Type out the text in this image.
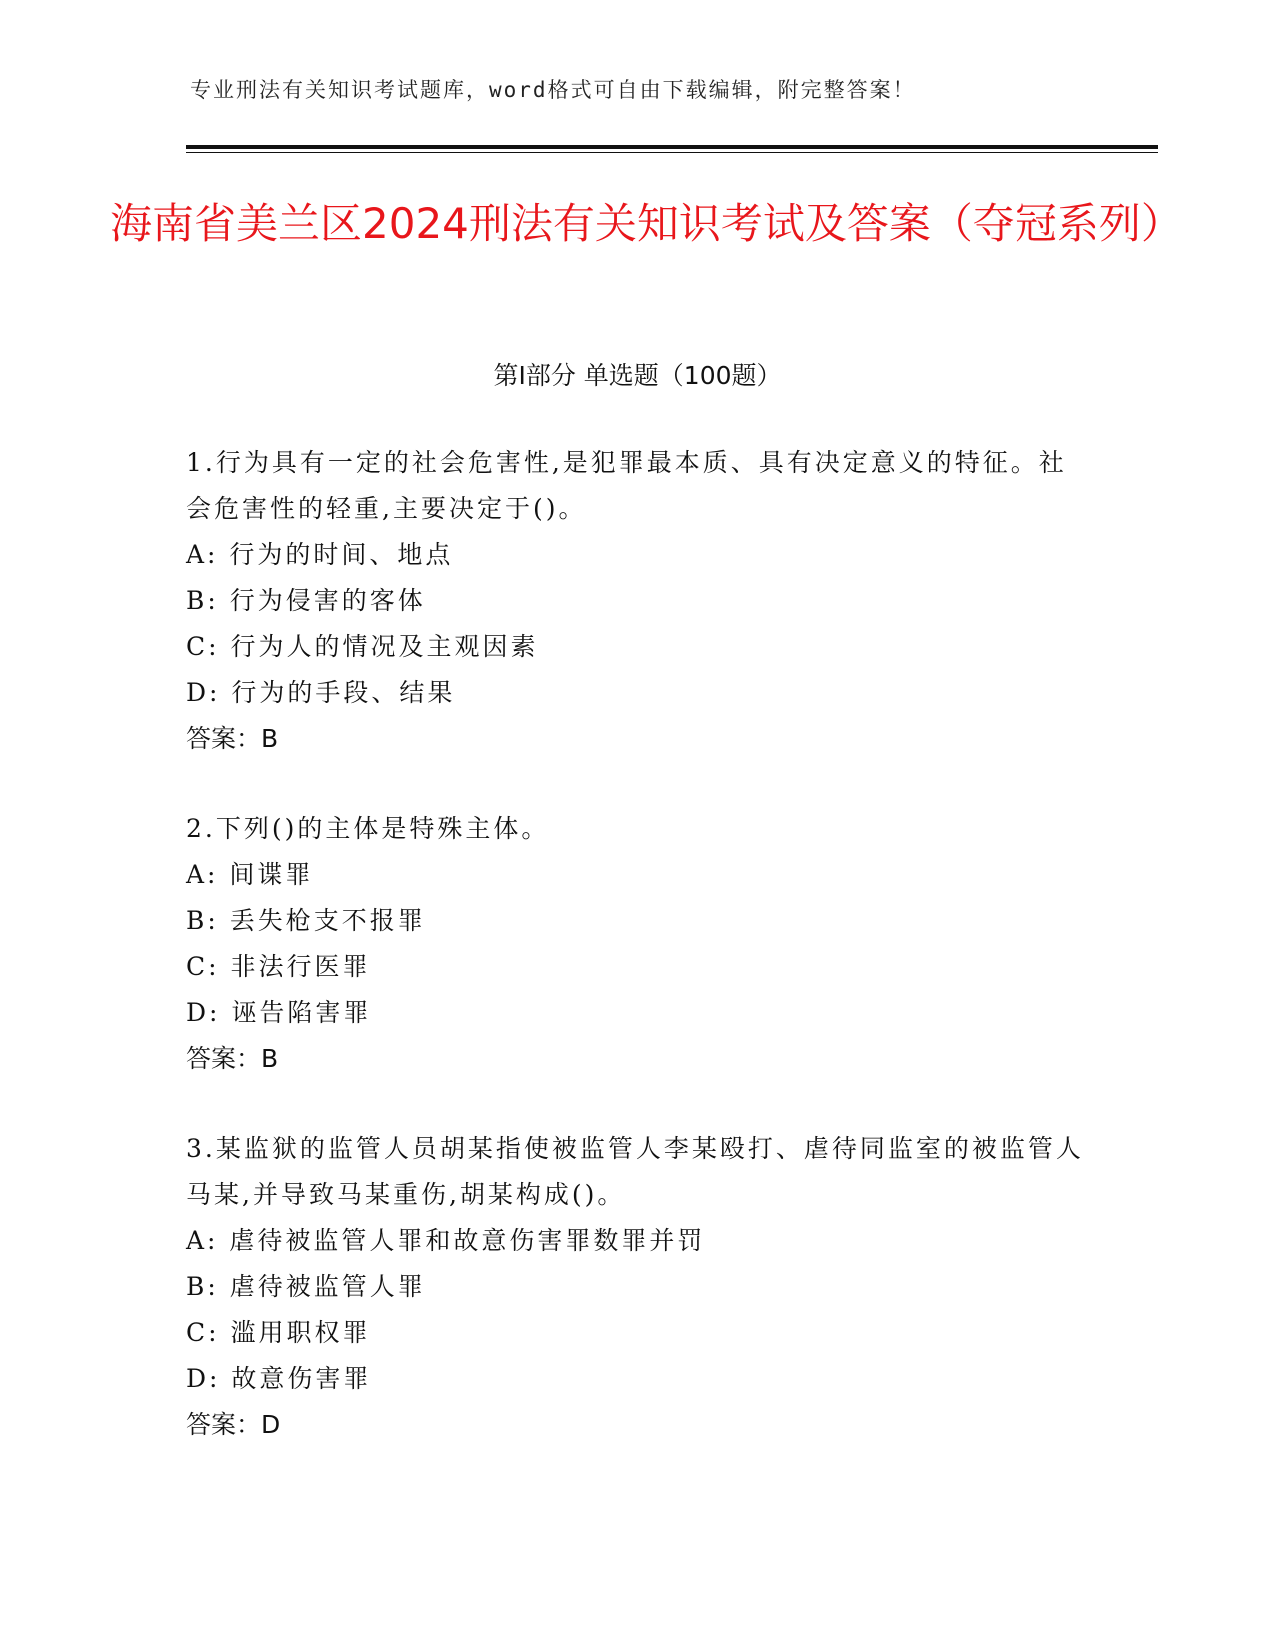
专业刑法有关知识考试题库，word格式可自由下载编辑，附完整答案！
海南省美兰区2024刑法有关知识考试及答案（夺冠系列）
第Ⅰ部分 单选题（100题）
1.行为具有一定的社会危害性,是犯罪最本质、具有决定意义的特征。社会危害性的轻重,主要决定于()。
A: 行为的时间、地点
B: 行为侵害的客体
C: 行为人的情况及主观因素
D: 行为的手段、结果
答案：B
2.下列()的主体是特殊主体。
A: 间谍罪
B: 丢失枪支不报罪
C: 非法行医罪
D: 诬告陷害罪
答案：B
3.某监狱的监管人员胡某指使被监管人李某殴打、虐待同监室的被监管人马某,并导致马某重伤,胡某构成()。
A: 虐待被监管人罪和故意伤害罪数罪并罚
B: 虐待被监管人罪
C: 滥用职权罪
D: 故意伤害罪
答案：D
